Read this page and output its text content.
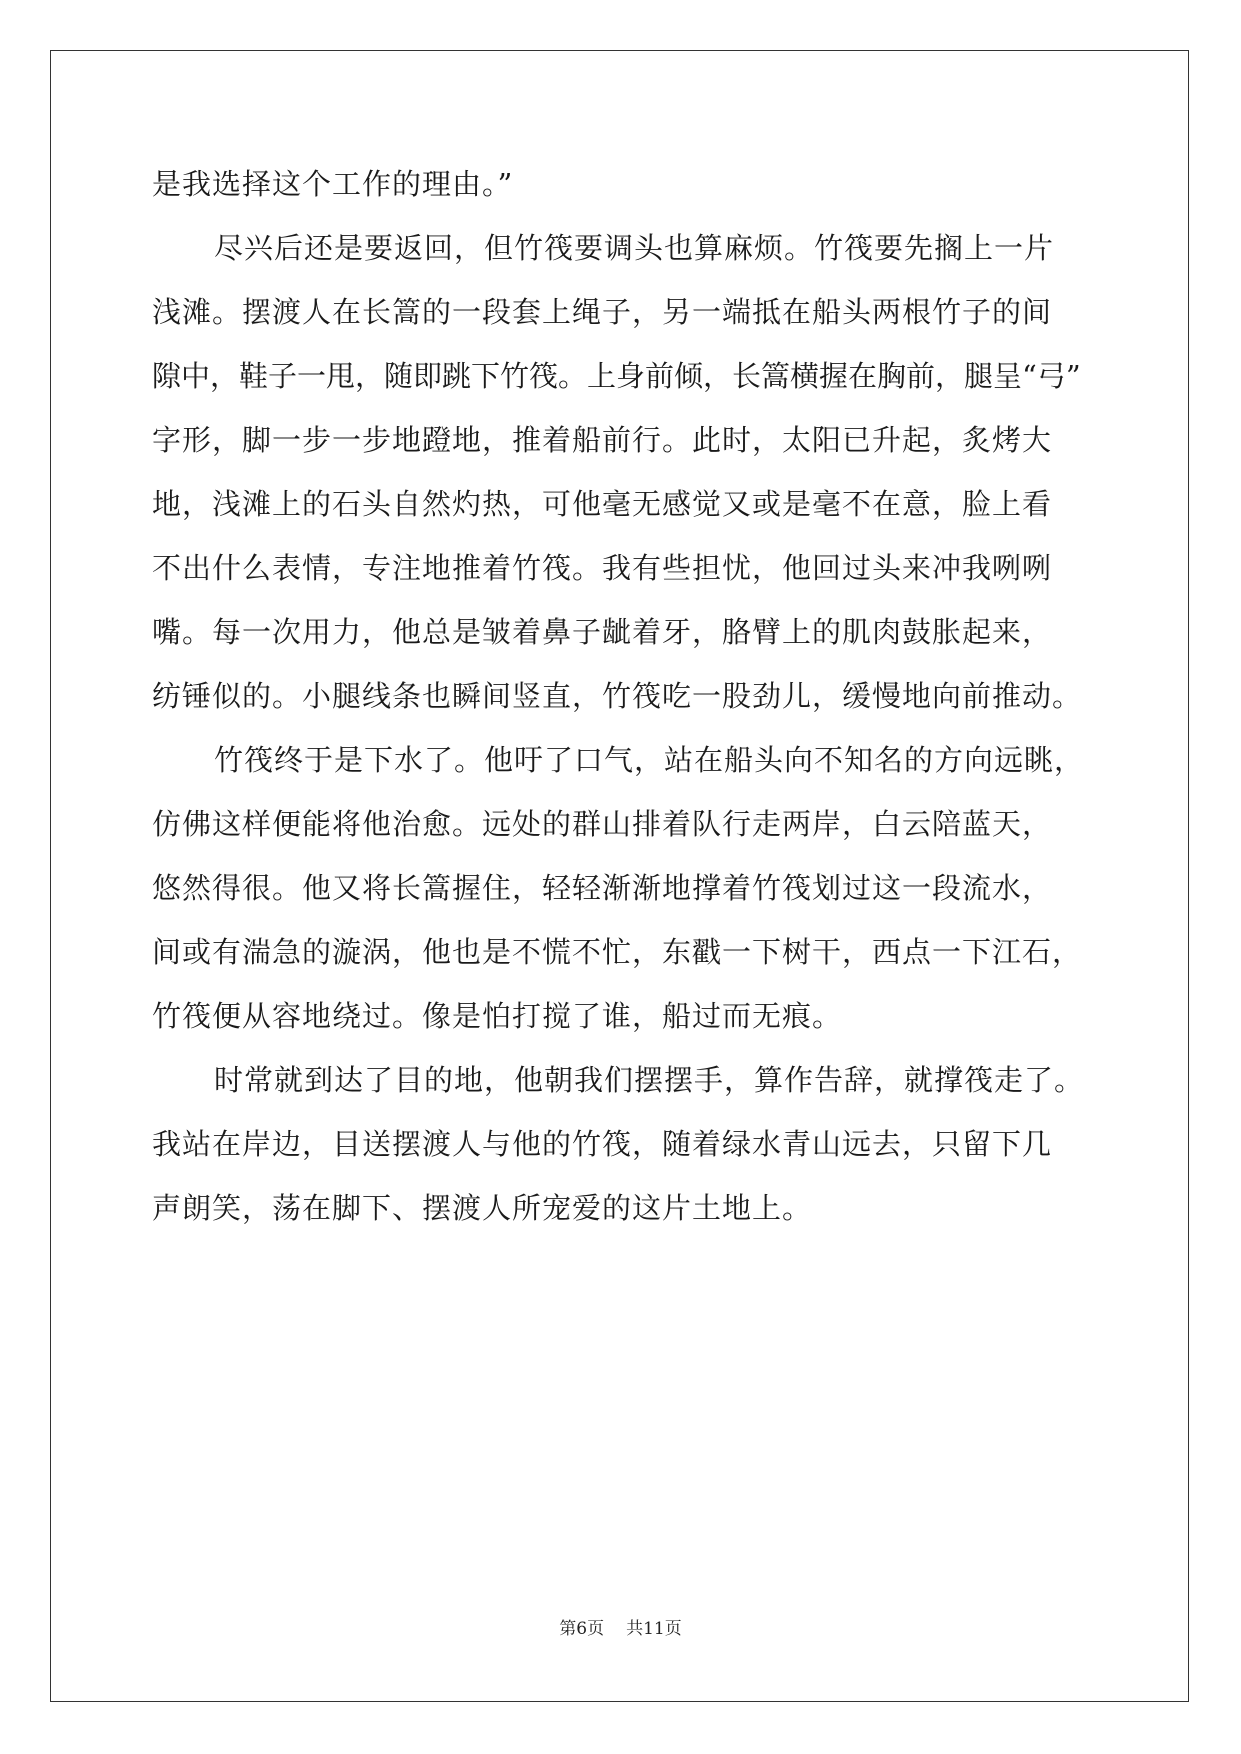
是我选择这个工作的理由。”
尽兴后还是要返回，但竹筏要调头也算麻烦。竹筏要先搁上一片
浅滩。摆渡人在长篙的一段套上绳子，另一端抵在船头两根竹子的间
隙中，鞋子一甩，随即跳下竹筏。上身前倾，长篙横握在胸前，腿呈“弓”
字形，脚一步一步地蹬地，推着船前行。此时，太阳已升起，炙烤大
地，浅滩上的石头自然灼热，可他毫无感觉又或是毫不在意，脸上看
不出什么表情，专注地推着竹筏。我有些担忧，他回过头来冲我咧咧
嘴。每一次用力，他总是皱着鼻子龇着牙，胳臂上的肌肉鼓胀起来，
纺锤似的。小腿线条也瞬间竖直，竹筏吃一股劲儿，缓慢地向前推动。
竹筏终于是下水了。他吁了口气，站在船头向不知名的方向远眺，
仿佛这样便能将他治愈。远处的群山排着队行走两岸，白云陪蓝天，
悠然得很。他又将长篙握住，轻轻渐渐地撑着竹筏划过这一段流水，
间或有湍急的漩涡，他也是不慌不忙，东戳一下树干，西点一下江石，
竹筏便从容地绕过。像是怕打搅了谁，船过而无痕。
时常就到达了目的地，他朝我们摆摆手，算作告辞，就撑筏走了。
我站在岸边，目送摆渡人与他的竹筏，随着绿水青山远去，只留下几
声朗笑，荡在脚下、摆渡人所宠爱的这片土地上。
第6页 共11页
